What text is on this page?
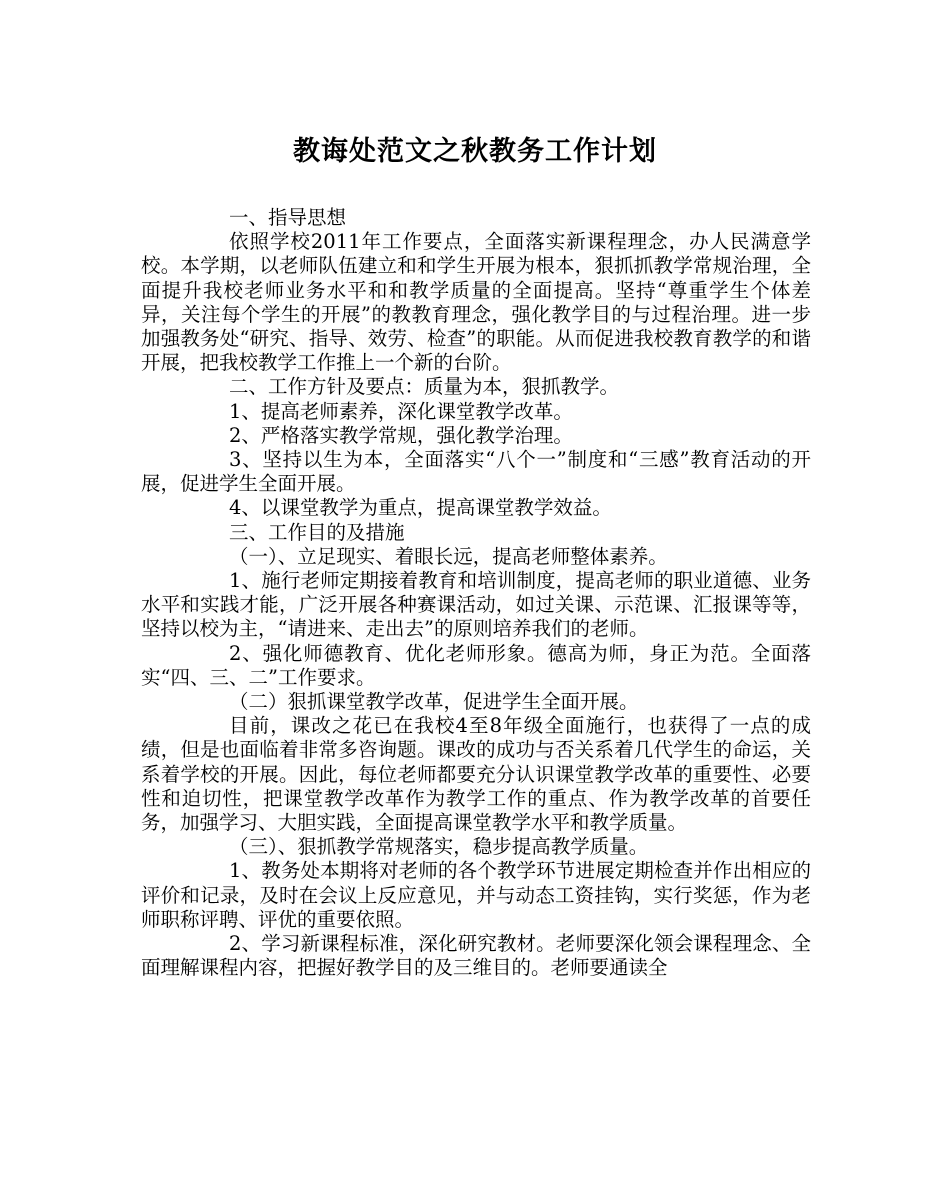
教诲处范文之秋教务工作计划

一、指导思想

依照学校2011年工作要点，全面落实新课程理念，办人民满意学校。本学期，以老师队伍建立和和学生开展为根本，狠抓抓教学常规治理，全面提升我校老师业务水平和和教学质量的全面提高。坚持“尊重学生个体差异，关注每个学生的开展”的教教育理念，强化教学目的与过程治理。进一步加强教务处“研究、指导、效劳、检查”的职能。从而促进我校教育教学的和谐开展，把我校教学工作推上一个新的台阶。

二、工作方针及要点：质量为本，狠抓教学。

1、提高老师素养，深化课堂教学改革。

2、严格落实教学常规，强化教学治理。

3、坚持以生为本，全面落实“八个一”制度和“三感”教育活动的开展，促进学生全面开展。

4、以课堂教学为重点，提高课堂教学效益。

三、工作目的及措施

（一）、立足现实、着眼长远，提高老师整体素养。

1、施行老师定期接着教育和培训制度，提高老师的职业道德、业务水平和实践才能，广泛开展各种赛课活动，如过关课、示范课、汇报课等等，坚持以校为主，“请进来、走出去”的原则培养我们的老师。

2、强化师德教育、优化老师形象。德高为师，身正为范。全面落实“四、三、二”工作要求。

（二）狠抓课堂教学改革，促进学生全面开展。

目前，课改之花已在我校4至8年级全面施行，也获得了一点的成绩，但是也面临着非常多咨询题。课改的成功与否关系着几代学生的命运，关系着学校的开展。因此，每位老师都要充分认识课堂教学改革的重要性、必要性和迫切性，把课堂教学改革作为教学工作的重点、作为教学改革的首要任务，加强学习、大胆实践，全面提高课堂教学水平和教学质量。

（三）、狠抓教学常规落实，稳步提高教学质量。

1、教务处本期将对老师的各个教学环节进展定期检查并作出相应的评价和记录，及时在会议上反应意见，并与动态工资挂钩，实行奖惩，作为老师职称评聘、评优的重要依照。

2、学习新课程标准，深化研究教材。老师要深化领会课程理念、全面理解课程内容，把握好教学目的及三维目的。老师要通读全
